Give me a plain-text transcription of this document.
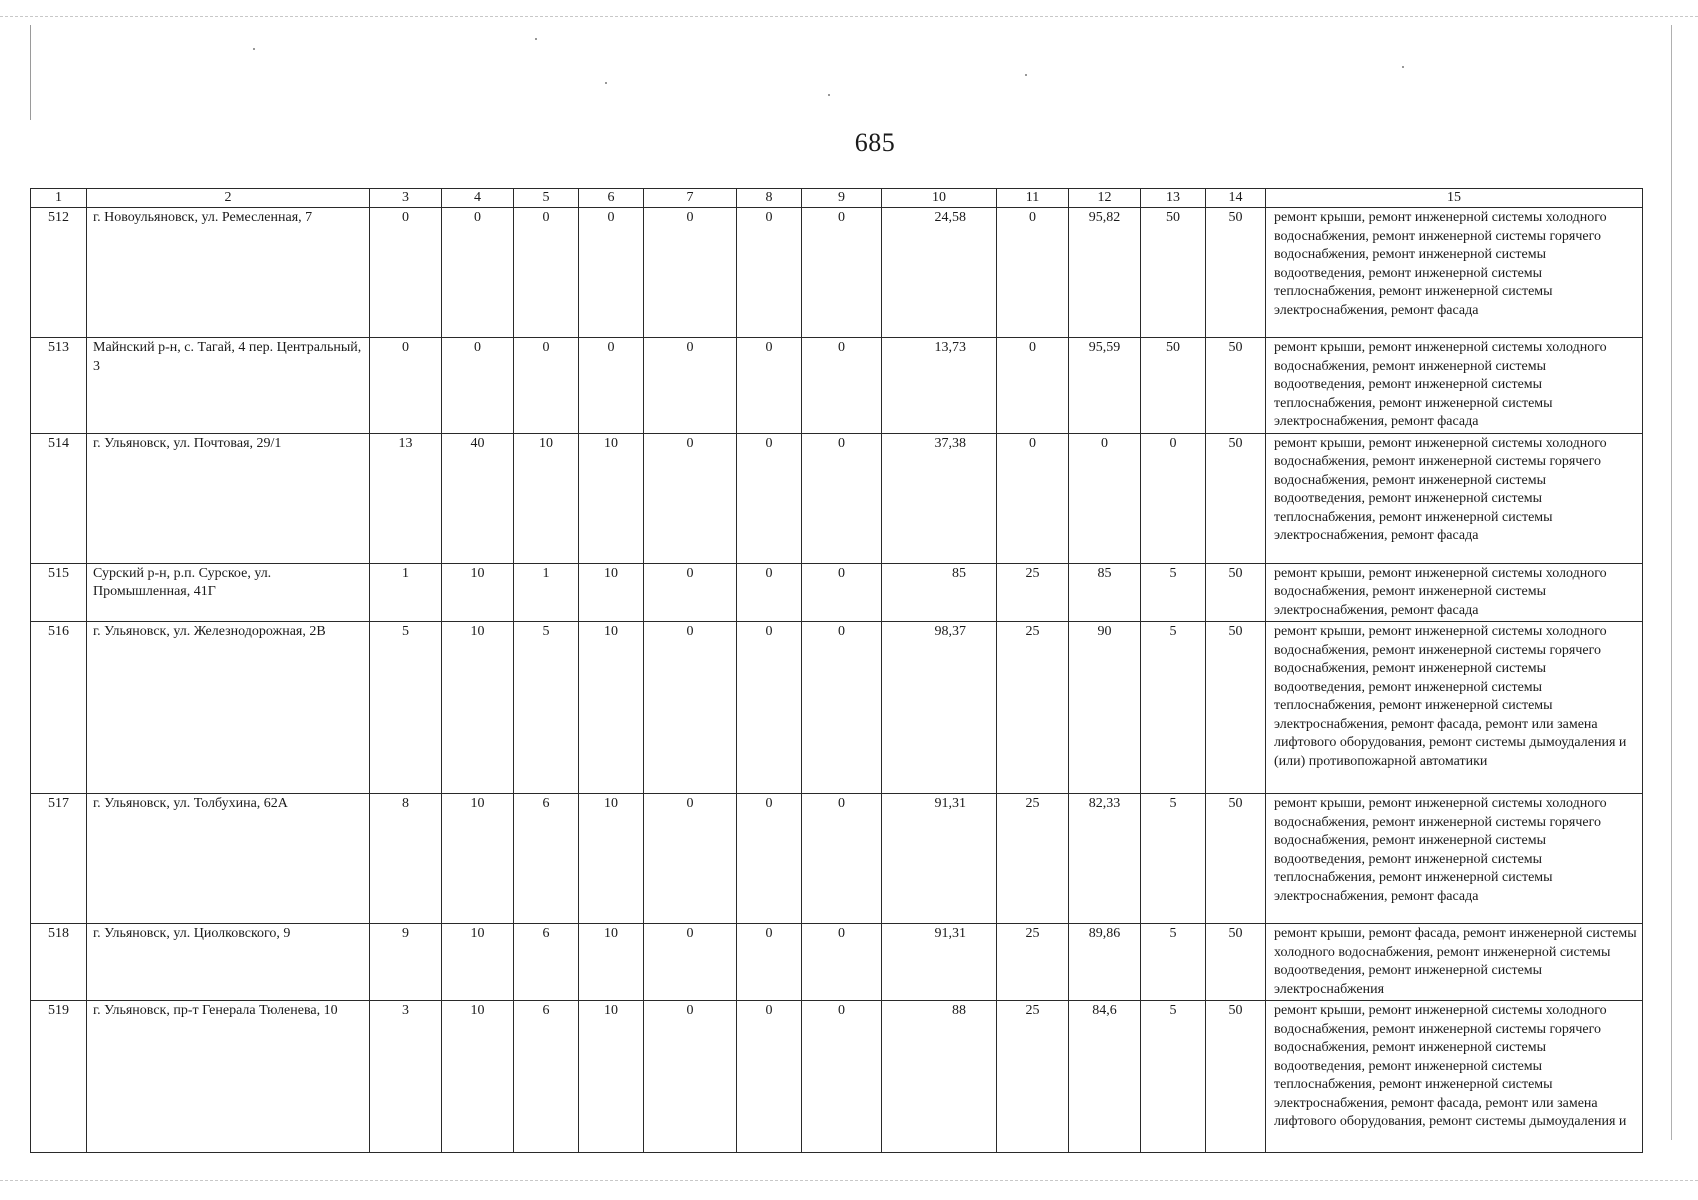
685
1	2	3	4	5	6	7	8	9	10	11	12	13	14	15
512	г. Новоульяновск, ул. Ремесленная, 7	0	0	0	0	0	0	0	24,58	0	95,82	50	50	ремонт крыши, ремонт инженерной системы холодного водоснабжения, ремонт инженерной системы горячего водоснабжения, ремонт инженерной системы водоотведения, ремонт инженерной системы теплоснабжения, ремонт инженерной системы электроснабжения, ремонт фасада
513	Майнский р-н, с. Тагай, 4 пер. Центральный, 3	0	0	0	0	0	0	0	13,73	0	95,59	50	50	ремонт крыши, ремонт инженерной системы холодного водоснабжения, ремонт инженерной системы водоотведения, ремонт инженерной системы теплоснабжения, ремонт инженерной системы электроснабжения, ремонт фасада
514	г. Ульяновск, ул. Почтовая, 29/1	13	40	10	10	0	0	0	37,38	0	0	0	50	ремонт крыши, ремонт инженерной системы холодного водоснабжения, ремонт инженерной системы горячего водоснабжения, ремонт инженерной системы водоотведения, ремонт инженерной системы теплоснабжения, ремонт инженерной системы электроснабжения, ремонт фасада
515	Сурский р-н, р.п. Сурское, ул. Промышленная, 41Г	1	10	1	10	0	0	0	85	25	85	5	50	ремонт крыши, ремонт инженерной системы холодного водоснабжения, ремонт инженерной системы электроснабжения, ремонт фасада
516	г. Ульяновск, ул. Железнодорожная, 2В	5	10	5	10	0	0	0	98,37	25	90	5	50	ремонт крыши, ремонт инженерной системы холодного водоснабжения, ремонт инженерной системы горячего водоснабжения, ремонт инженерной системы водоотведения, ремонт инженерной системы теплоснабжения, ремонт инженерной системы электроснабжения, ремонт фасада, ремонт или замена лифтового оборудования, ремонт системы дымоудаления и (или) противопожарной автоматики
517	г. Ульяновск, ул. Толбухина, 62А	8	10	6	10	0	0	0	91,31	25	82,33	5	50	ремонт крыши, ремонт инженерной системы холодного водоснабжения, ремонт инженерной системы горячего водоснабжения, ремонт инженерной системы водоотведения, ремонт инженерной системы теплоснабжения, ремонт инженерной системы электроснабжения, ремонт фасада
518	г. Ульяновск, ул. Циолковского, 9	9	10	6	10	0	0	0	91,31	25	89,86	5	50	ремонт крыши, ремонт фасада, ремонт инженерной системы холодного водоснабжения, ремонт инженерной системы водоотведения, ремонт инженерной системы электроснабжения
519	г. Ульяновск, пр-т Генерала Тюленева, 10	3	10	6	10	0	0	0	88	25	84,6	5	50	ремонт крыши, ремонт инженерной системы холодного водоснабжения, ремонт инженерной системы горячего водоснабжения, ремонт инженерной системы водоотведения, ремонт инженерной системы теплоснабжения, ремонт инженерной системы электроснабжения, ремонт фасада, ремонт или замена лифтового оборудования, ремонт системы дымоудаления и
